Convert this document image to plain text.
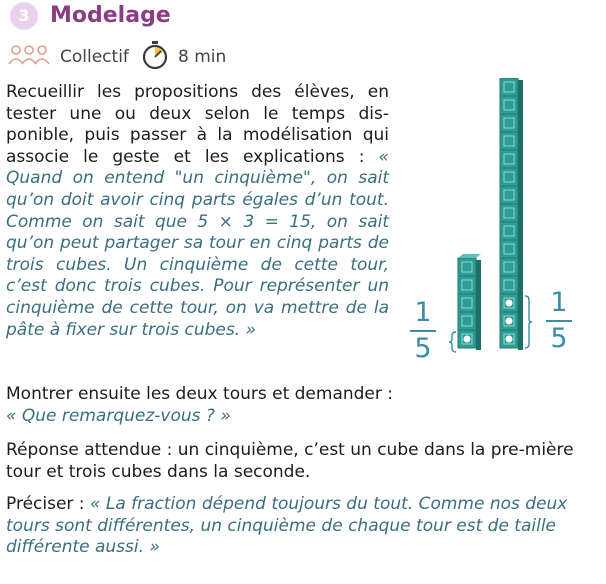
3 Modelage
Collectif	8 min
Recueillir les propositions des élèves, en tester une ou deux selon le temps dis-ponible, puis passer à la modélisation qui associe le geste et les explications : « Quand on entend "un cinquième", on sait qu’on doit avoir cinq parts égales d’un tout. Comme on sait que 5 × 3 = 15, on sait qu’on peut partager sa tour en cinq parts de trois cubes. Un cinquième de cette tour, c’est donc trois cubes. Pour représenter un cinquième de cette tour, on va mettre de la pâte à fixer sur trois cubes. »
1
5
1
5
Montrer ensuite les deux tours et demander :
« Que remarquez-vous ? »
Réponse attendue : un cinquième, c’est un cube dans la pre-mière tour et trois cubes dans la seconde.
Préciser : « La fraction dépend toujours du tout. Comme nos deux tours sont différentes, un cinquième de chaque tour est de taille différente aussi. »
